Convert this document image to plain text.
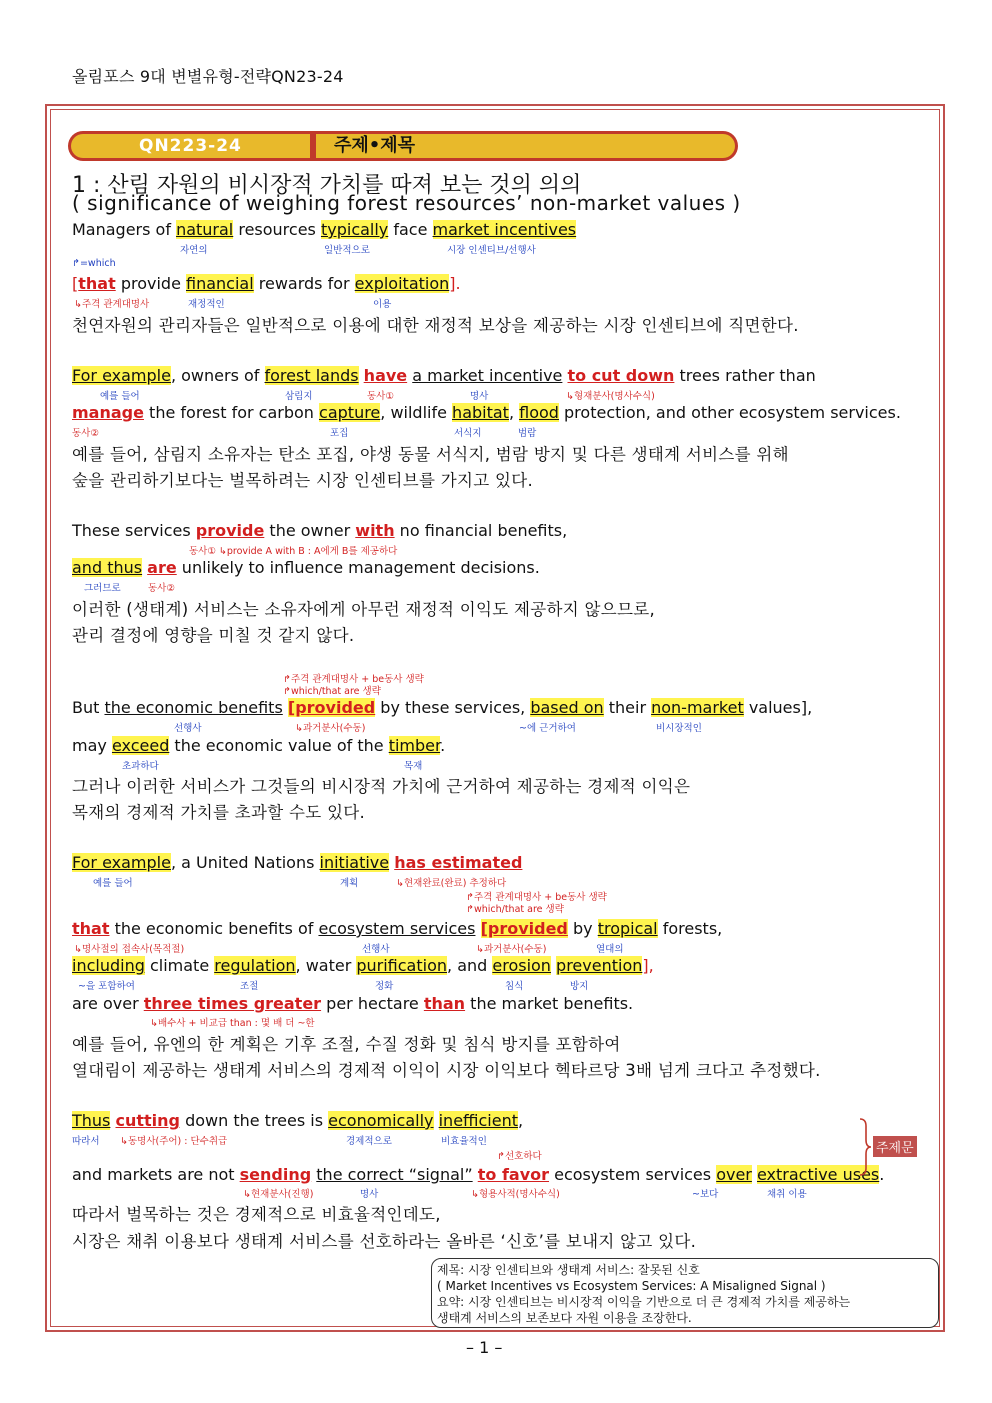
올림포스 9대 변별유형-전략QN23-24
QN223-24	주제•제목
1 : 산림 자원의 비시장적 가치를 따져 보는 것의 의의
( significance of weighing forest resources’ non-market values )
Managers of natural resources typically face market incentives
자연의	일반적으로	시장 인센티브/선행사
↱=which
[that provide financial rewards for exploitation].
↳주격 관계대명사	재정적인	이용
천연자원의 관리자들은 일반적으로 이용에 대한 재정적 보상을 제공하는 시장 인센티브에 직면한다.
For example, owners of forest lands have a market incentive to cut down trees rather than
예를 들어	삼림지	동사①	명사	↳형재분사(명사수식)
manage the forest for carbon capture, wildlife habitat, flood protection, and other ecosystem services.
동사②	포집	서식지	범람
예를 들어, 삼림지 소유자는 탄소 포집, 야생 동물 서식지, 범람 방지 및 다른 생태계 서비스를 위해
숲을 관리하기보다는 벌목하려는 시장 인센티브를 가지고 있다.
These services provide the owner with no financial benefits,
동사① ↳provide A with B : A에게 B를 제공하다
and thus are unlikely to influence management decisions.
그러므로	동사②
이러한 (생태계) 서비스는 소유자에게 아무런 재정적 이익도 제공하지 않으므로,
관리 결정에 영향을 미칠 것 같지 않다.
↱주격 관계대명사 + be동사 생략
↱which/that are 생략
But the economic benefits [provided by these services, based on their non-market values],
선행사	↳과거분사(수동)	~에 근거하여	비시장적인
may exceed the economic value of the timber.
초과하다	목재
그러나 이러한 서비스가 그것들의 비시장적 가치에 근거하여 제공하는 경제적 이익은
목재의 경제적 가치를 초과할 수도 있다.
For example, a United Nations initiative has estimated
예를 들어	계획	↳현재완료(완료) 추정하다
↱주격 관계대명사 + be동사 생략
↱which/that are 생략
that the economic benefits of ecosystem services [provided by tropical forests,
↳명사절의 접속사(목적절)	선행사	↳과거분사(수동)	열대의
including climate regulation, water purification, and erosion prevention],
~을 포함하여	조절	정화	침식	방지
are over three times greater per hectare than the market benefits.
↳배수사 + 비교급 than : 몇 배 더 ~한
예를 들어, 유엔의 한 계획은 기후 조절, 수질 정화 및 침식 방지를 포함하여
열대림이 제공하는 생태계 서비스의 경제적 이익이 시장 이익보다 헥타르당 3배 넘게 크다고 추정했다.
Thus cutting down the trees is economically inefficient,
따라서 ↳동명사(주어) : 단수취급	경제적으로	비효율적인
↱선호하다
and markets are not sending the correct “signal” to favor ecosystem services over extractive uses.
↳현재분사(진행)	명사	↳형용사적(명사수식)	~보다	채취 이용
따라서 벌목하는 것은 경제적으로 비효율적인데도,
시장은 채취 이용보다 생태계 서비스를 선호하라는 올바른 ‘신호’를 보내지 않고 있다.
주제문
제목: 시장 인센티브와 생태계 서비스: 잘못된 신호
( Market Incentives vs Ecosystem Services: A Misaligned Signal )
요약: 시장 인센티브는 비시장적 이익을 기반으로 더 큰 경제적 가치를 제공하는
생태계 서비스의 보존보다 자원 이용을 조장한다.
– 1 –
